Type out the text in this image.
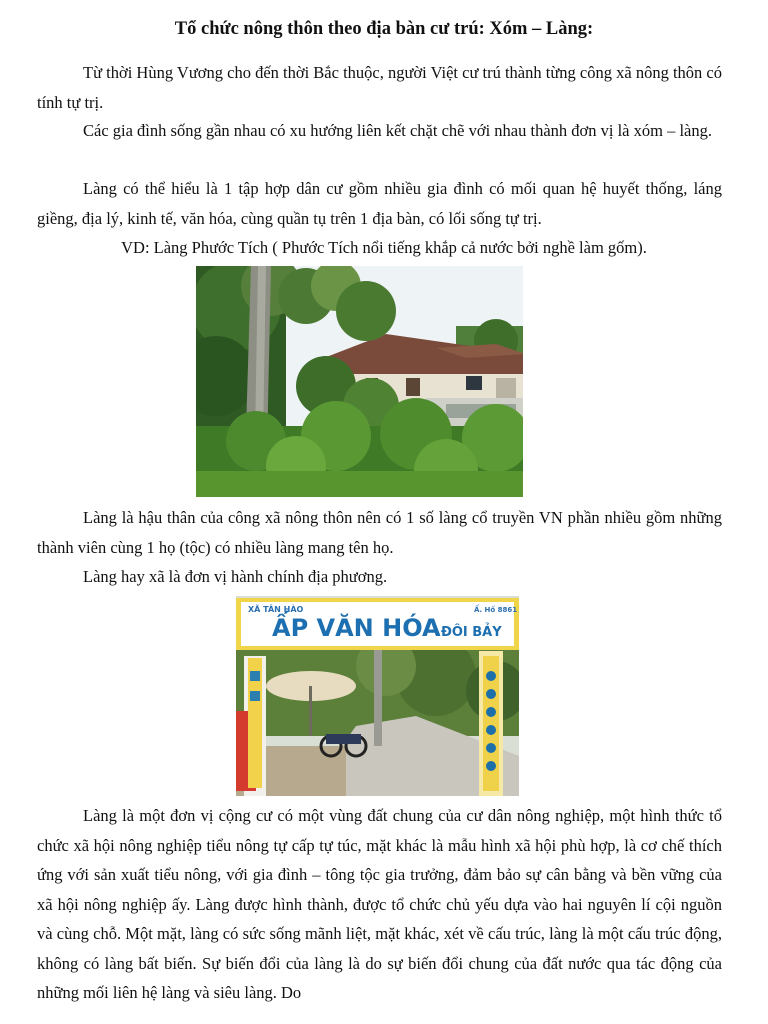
Tổ chức nông thôn theo địa bàn cư trú: Xóm – Làng:

Từ thời Hùng Vương cho đến thời Bắc thuộc, người Việt cư trú thành từng công xã nông thôn có tính tự trị.

Các gia đình sống gần nhau có xu hướng liên kết chặt chẽ với nhau thành đơn vị là xóm – làng.

Làng có thể hiểu là 1 tập hợp dân cư gồm nhiều gia đình có mối quan hệ huyết thống, láng giềng, địa lý, kinh tế, văn hóa, cùng quần tụ trên 1 địa bàn, có lối sống tự trị.

VD: Làng Phước Tích ( Phước Tích nổi tiếng khắp cả nước bởi nghề làm gốm).

Làng là hậu thân của công xã nông thôn nên có 1 số làng cổ truyền VN phần nhiều gồm những thành viên cùng 1 họ (tộc) có nhiều làng mang tên họ.

Làng hay xã là đơn vị hành chính địa phương.

XÃ TÂN HÀO	Ấ. Hố 8861
ẤP VĂN HÓA
.ĐÔI BẢY

Làng là một đơn vị cộng cư có một vùng đất chung của cư dân nông nghiệp, một hình thức tổ chức xã hội nông nghiệp tiểu nông tự cấp tự túc, mặt khác là mẫu hình xã hội phù hợp, là cơ chế thích ứng với sản xuất tiểu nông, với gia đình – tông tộc gia trưởng, đảm bảo sự cân bằng và bền vững của xã hội nông nghiệp ấy. Làng được hình thành, được tổ chức chủ yếu dựa vào hai nguyên lí cội nguồn và cùng chỗ. Một mặt, làng có sức sống mãnh liệt, mặt khác, xét về cấu trúc, làng là một cấu trúc động, không có làng bất biến. Sự biến đổi của làng là do sự biến đổi chung của đất nước qua tác động của những mối liên hệ làng và siêu làng. Do
